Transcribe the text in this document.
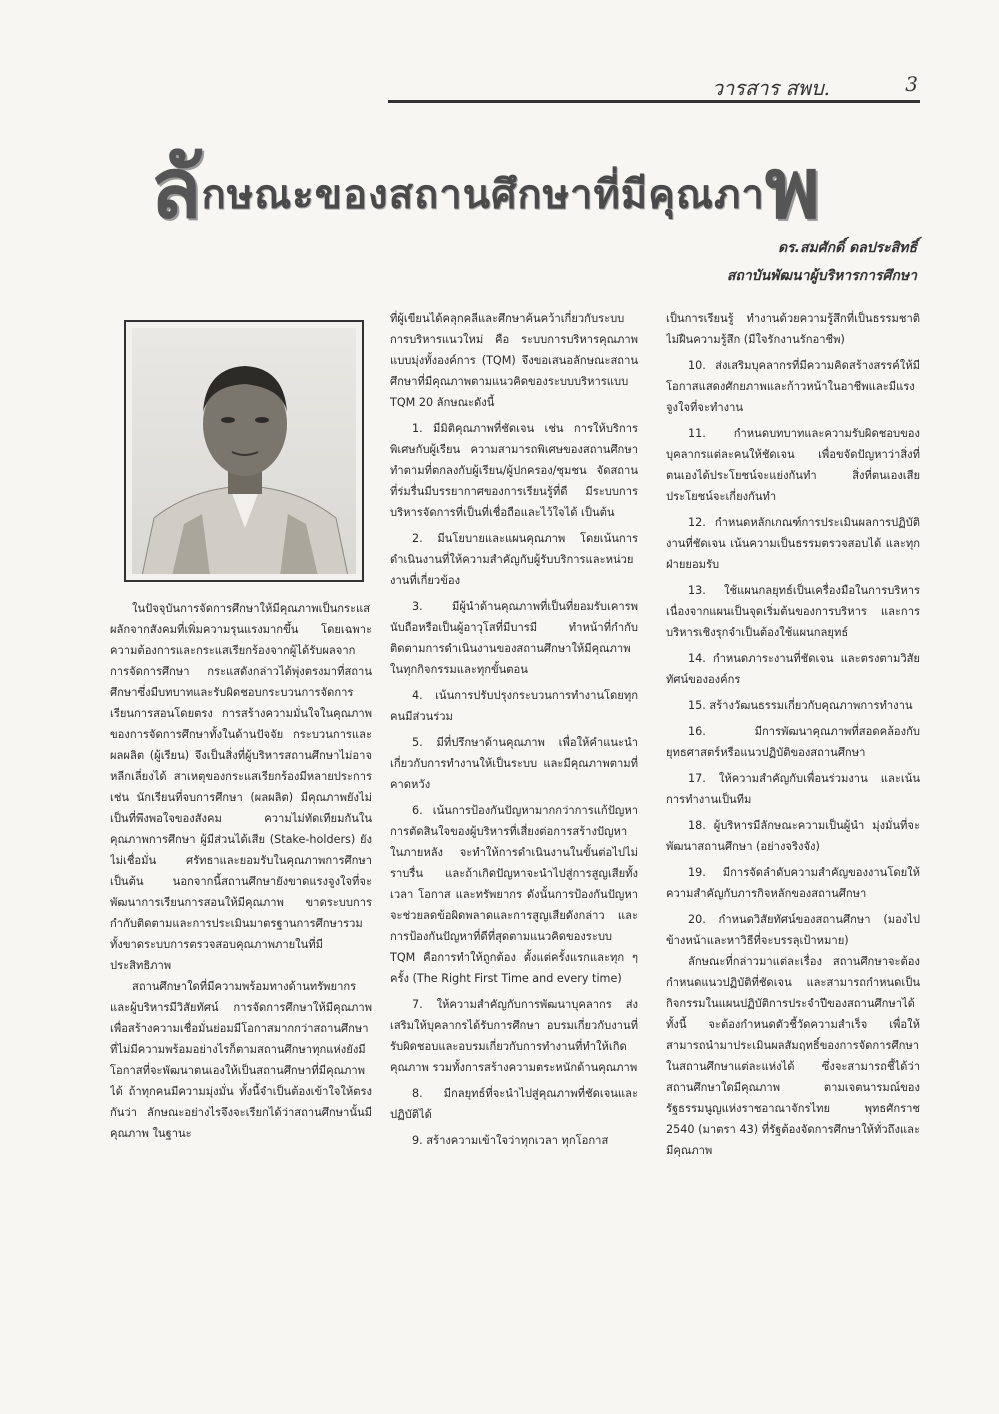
วารสาร สพบ.	3
ลักษณะของสถานศึกษาที่มีคุณภาพ
ดร.สมศักดิ์ ดลประสิทธิ์
สถาบันพัฒนาผู้บริหารการศึกษา

ในปัจจุบันการจัดการศึกษาให้มีคุณภาพเป็นกระแสผลักจากสังคมที่เพิ่มความรุนแรงมากขึ้น โดยเฉพาะความต้องการและกระแสเรียกร้องจากผู้ได้รับผลจากการจัดการศึกษา กระแสดังกล่าวได้พุ่งตรงมาที่สถานศึกษาซึ่งมีบทบาทและรับผิดชอบกระบวนการจัดการเรียนการสอนโดยตรง การสร้างความมั่นใจในคุณภาพของการจัดการศึกษาทั้งในด้านปัจจัย กระบวนการและผลผลิต (ผู้เรียน) จึงเป็นสิ่งที่ผู้บริหารสถานศึกษาไม่อาจหลีกเลี่ยงได้ สาเหตุของกระแสเรียกร้องมีหลายประการ เช่น นักเรียนที่จบการศึกษา (ผลผลิต) มีคุณภาพยังไม่เป็นที่พึงพอใจของสังคม ความไม่ทัดเทียมกันในคุณภาพการศึกษา ผู้มีส่วนได้เสีย (Stake-holders) ยังไม่เชื่อมั่น ศรัทธาและยอมรับในคุณภาพการศึกษา เป็นต้น นอกจากนี้สถานศึกษายังขาดแรงจูงใจที่จะพัฒนาการเรียนการสอนให้มีคุณภาพ ขาดระบบการกำกับติดตามและการประเมินมาตรฐานการศึกษารวมทั้งขาดระบบการตรวจสอบคุณภาพภายในที่มีประสิทธิภาพ

สถานศึกษาใดที่มีความพร้อมทางด้านทรัพยากร และผู้บริหารมีวิสัยทัศน์ การจัดการศึกษาให้มีคุณภาพเพื่อสร้างความเชื่อมั่นย่อมมีโอกาสมากกว่าสถานศึกษาที่ไม่มีความพร้อมอย่างไรก็ตามสถานศึกษาทุกแห่งยังมีโอกาสที่จะพัฒนาตนเองให้เป็นสถานศึกษาที่มีคุณภาพได้ ถ้าทุกคนมีความมุ่งมั่น ทั้งนี้จำเป็นต้องเข้าใจให้ตรงกันว่า ลักษณะอย่างไรจึงจะเรียกได้ว่าสถานศึกษานั้นมีคุณภาพ ในฐานะ

ที่ผู้เขียนได้คลุกคลีและศึกษาค้นคว้าเกี่ยวกับระบบการบริหารแนวใหม่ คือ ระบบการบริหารคุณภาพแบบมุ่งทั้งองค์การ (TQM) จึงขอเสนอลักษณะสถานศึกษาที่มีคุณภาพตามแนวคิดของระบบบริหารแบบ TQM 20 ลักษณะดังนี้

1. มีมิติคุณภาพที่ชัดเจน เช่น การให้บริการพิเศษกับผู้เรียน ความสามารถพิเศษของสถานศึกษา ทำตามที่ตกลงกับผู้เรียน/ผู้ปกครอง/ชุมชน จัดสถานที่ร่มรื่นมีบรรยากาศของการเรียนรู้ที่ดี มีระบบการบริหารจัดการที่เป็นที่เชื่อถือและไว้ใจได้ เป็นต้น

2. มีนโยบายและแผนคุณภาพ โดยเน้นการดำเนินงานที่ให้ความสำคัญกับผู้รับบริการและหน่วยงานที่เกี่ยวข้อง

3. มีผู้นำด้านคุณภาพที่เป็นที่ยอมรับเคารพนับถือหรือเป็นผู้อาวุโสที่มีบารมี ทำหน้าที่กำกับติดตามการดำเนินงานของสถานศึกษาให้มีคุณภาพในทุกกิจกรรมและทุกขั้นตอน

4. เน้นการปรับปรุงกระบวนการทำงานโดยทุกคนมีส่วนร่วม

5. มีที่ปรึกษาด้านคุณภาพ เพื่อให้คำแนะนำเกี่ยวกับการทำงานให้เป็นระบบ และมีคุณภาพตามที่คาดหวัง

6. เน้นการป้องกันปัญหามากกว่าการแก้ปัญหา การตัดสินใจของผู้บริหารที่เสี่ยงต่อการสร้างปัญหาในภายหลัง จะทำให้การดำเนินงานในขั้นต่อไปไม่ราบรื่น และถ้าเกิดปัญหาจะนำไปสู่การสูญเสียทั้งเวลา โอกาส และทรัพยากร ดังนั้นการป้องกันปัญหาจะช่วยลดข้อผิดพลาดและการสูญเสียดังกล่าว และการป้องกันปัญหาที่ดีที่สุดตามแนวคิดของระบบ TQM คือการทำให้ถูกต้อง ตั้งแต่ครั้งแรกและทุก ๆ ครั้ง (The Right First Time and every time)

7. ให้ความสำคัญกับการพัฒนาบุคลากร ส่งเสริมให้บุคลากรได้รับการศึกษา อบรมเกี่ยวกับงานที่รับผิดชอบและอบรมเกี่ยวกับการทำงานที่ทำให้เกิดคุณภาพ รวมทั้งการสร้างความตระหนักด้านคุณภาพ

8. มีกลยุทธ์ที่จะนำไปสู่คุณภาพที่ชัดเจนและปฏิบัติได้

9. สร้างความเข้าใจว่าทุกเวลา ทุกโอกาส

เป็นการเรียนรู้ ทำงานด้วยความรู้สึกที่เป็นธรรมชาติ ไม่ฝืนความรู้สึก (มีใจรักงานรักอาชีพ)

10. ส่งเสริมบุคลากรที่มีความคิดสร้างสรรค์ให้มีโอกาสแสดงศักยภาพและก้าวหน้าในอาชีพและมีแรงจูงใจที่จะทำงาน

11. กำหนดบทบาทและความรับผิดชอบของบุคลากรแต่ละคนให้ชัดเจน เพื่อขจัดปัญหาว่าสิ่งที่ตนเองได้ประโยชน์จะแย่งกันทำ สิ่งที่ตนเองเสียประโยชน์จะเกี่ยงกันทำ

12. กำหนดหลักเกณฑ์การประเมินผลการปฏิบัติงานที่ชัดเจน เน้นความเป็นธรรมตรวจสอบได้ และทุกฝ่ายยอมรับ

13. ใช้แผนกลยุทธ์เป็นเครื่องมือในการบริหาร เนื่องจากแผนเป็นจุดเริ่มต้นของการบริหาร และการบริหารเชิงรุกจำเป็นต้องใช้แผนกลยุทธ์

14. กำหนดภาระงานที่ชัดเจน และตรงตามวิสัยทัศน์ขององค์กร

15. สร้างวัฒนธรรมเกี่ยวกับคุณภาพการทำงาน

16. มีการพัฒนาคุณภาพที่สอดคล้องกับยุทธศาสตร์หรือแนวปฏิบัติของสถานศึกษา

17. ให้ความสำคัญกับเพื่อนร่วมงาน และเน้นการทำงานเป็นทีม

18. ผู้บริหารมีลักษณะความเป็นผู้นำ มุ่งมั่นที่จะพัฒนาสถานศึกษา (อย่างจริงจัง)

19. มีการจัดลำดับความสำคัญของงานโดยให้ความสำคัญกับภารกิจหลักของสถานศึกษา

20. กำหนดวิสัยทัศน์ของสถานศึกษา (มองไปข้างหน้าและหาวิธีที่จะบรรลุเป้าหมาย)

ลักษณะที่กล่าวมาแต่ละเรื่อง สถานศึกษาจะต้องกำหนดแนวปฏิบัติที่ชัดเจน และสามารถกำหนดเป็นกิจกรรมในแผนปฏิบัติการประจำปีของสถานศึกษาได้ ทั้งนี้ จะต้องกำหนดตัวชี้วัดความสำเร็จ เพื่อให้สามารถนำมาประเมินผลสัมฤทธิ์ของการจัดการศึกษาในสถานศึกษาแต่ละแห่งได้ ซึ่งจะสามารถชี้ได้ว่า สถานศึกษาใดมีคุณภาพ ตามเจตนารมณ์ของรัฐธรรมนูญแห่งราชอาณาจักรไทย พุทธศักราช 2540 (มาตรา 43) ที่รัฐต้องจัดการศึกษาให้ทั่วถึงและมีคุณภาพ
